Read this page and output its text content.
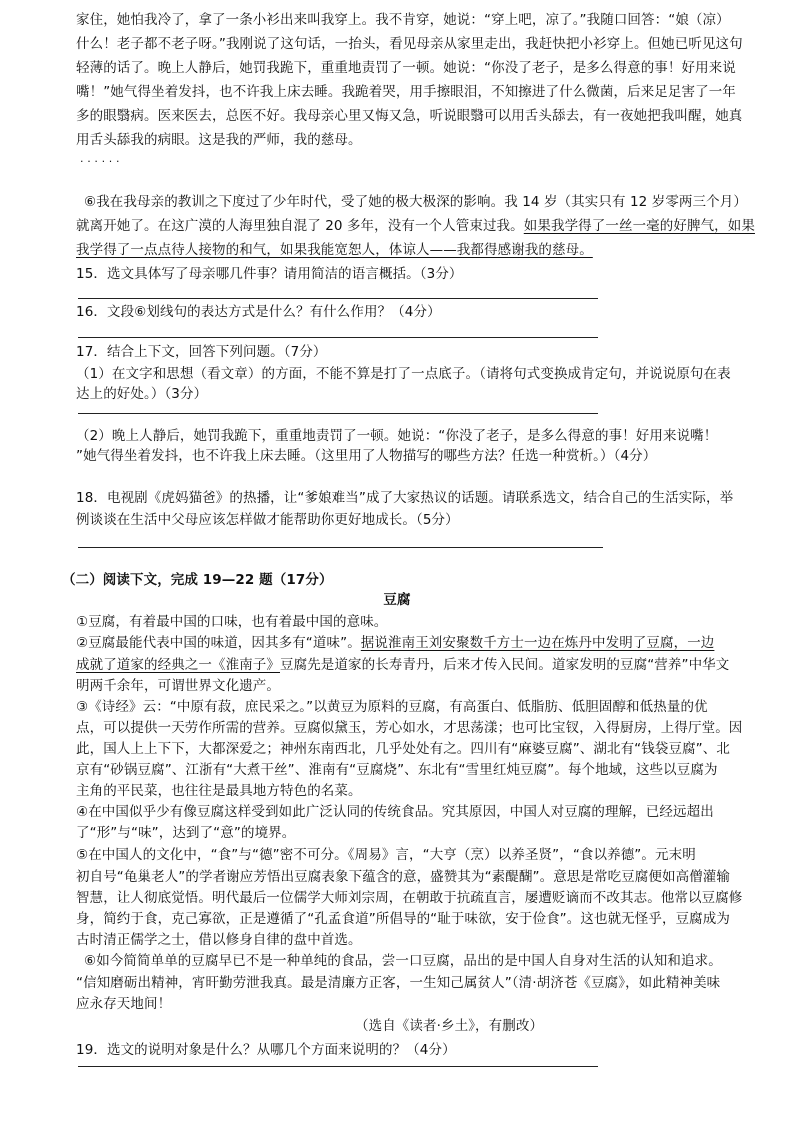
家住，她怕我冷了，拿了一条小衫出来叫我穿上。我不肯穿，她说：“穿上吧，凉了。”我随口回答：“娘（凉）
什么！老子都不老子呀。”我刚说了这句话，一抬头，看见母亲从家里走出，我赶快把小衫穿上。但她已听见这句
轻薄的话了。晚上人静后，她罚我跪下，重重地责罚了一顿。她说：“你没了老子，是多么得意的事！好用来说
嘴！”她气得坐着发抖，也不许我上床去睡。我跪着哭，用手擦眼泪，不知擦进了什么微菌，后来足足害了一年
多的眼翳病。医来医去，总医不好。我母亲心里又悔又急，听说眼翳可以用舌头舔去，有一夜她把我叫醒，她真
用舌头舔我的病眼。这是我的严师，我的慈母。
· · · · · ·
⑥我在我母亲的教训之下度过了少年时代，受了她的极大极深的影响。我 14 岁（其实只有 12 岁零两三个月）
就离开她了。在这广漠的人海里独自混了 20 多年，没有一个人管束过我。如果我学得了一丝一毫的好脾气，如果
我学得了一点点待人接物的和气，如果我能宽恕人，体谅人——我都得感谢我的慈母。
15．选文具体写了母亲哪几件事？请用简洁的语言概括。（3分）
16．文段⑥划线句的表达方式是什么？有什么作用？（4分）
17．结合上下文，回答下列问题。（7分）
（1）在文字和思想（看文章）的方面，不能不算是打了一点底子。（请将句式变换成肯定句，并说说原句在表
达上的好处。）（3分）
（2）晚上人静后，她罚我跪下，重重地责罚了一顿。她说：“你没了老子，是多么得意的事！好用来说嘴！
”她气得坐着发抖，也不许我上床去睡。（这里用了人物描写的哪些方法？任选一种赏析。）（4分）
18．电视剧《虎妈猫爸》的热播，让“爹娘难当”成了大家热议的话题。请联系选文，结合自己的生活实际，举
例谈谈在生活中父母应该怎样做才能帮助你更好地成长。（5分）
（二）阅读下文，完成 19—22 题（17分）
豆腐
①豆腐，有着最中国的口味，也有着最中国的意味。
②豆腐最能代表中国的味道，因其多有“道味”。据说淮南王刘安聚数千方士一边在炼丹中发明了豆腐，一边
成就了道家的经典之一《淮南子》豆腐先是道家的长寿青丹，后来才传入民间。道家发明的豆腐“营养”中华文
明两千余年，可谓世界文化遗产。
③《诗经》云：“中原有菽，庶民采之。”以黄豆为原料的豆腐，有高蛋白、低脂肪、低胆固醇和低热量的优
点，可以提供一天劳作所需的营养。豆腐似黛玉，芳心如水，才思荡漾；也可比宝钗，入得厨房，上得厅堂。因
此，国人上上下下，大都深爱之；神州东南西北，几乎处处有之。四川有“麻婆豆腐”、湖北有“钱袋豆腐”、北
京有“砂锅豆腐”、江浙有“大煮干丝”、淮南有“豆腐烧”、东北有“雪里红炖豆腐”。每个地域，这些以豆腐为
主角的平民菜，也往往是最具地方特色的名菜。
④在中国似乎少有像豆腐这样受到如此广泛认同的传统食品。究其原因，中国人对豆腐的理解，已经远超出
了“形”与“味”，达到了“意”的境界。
⑤在中国人的文化中，“食”与“德”密不可分。《周易》言，“大亨（烹）以养圣贤”，“食以养德”。元末明
初自号“龟巢老人”的学者谢应芳悟出豆腐表象下蕴含的意，盛赞其为“素醍醐”。意思是常吃豆腐便如高僧灌输
智慧，让人彻底觉悟。明代最后一位儒学大师刘宗周，在朝敢于抗疏直言，屡遭贬谪而不改其志。他常以豆腐修
身，简约于食，克己寡欲，正是遵循了“孔孟食道”所倡导的“耻于味欲，安于俭食”。这也就无怪乎，豆腐成为
古时清正儒学之士，借以修身自律的盘中首选。
⑥如今简简单单的豆腐早已不是一种单纯的食品，尝一口豆腐，品出的是中国人自身对生活的认知和追求。
“信知磨砺出精神，宵旰勤劳泄我真。最是清廉方正客，一生知己属贫人”（清·胡济苍《豆腐》，如此精神美味
应永存天地间！
（选自《读者·乡土》，有删改）
19．选文的说明对象是什么？从哪几个方面来说明的？（4分）
